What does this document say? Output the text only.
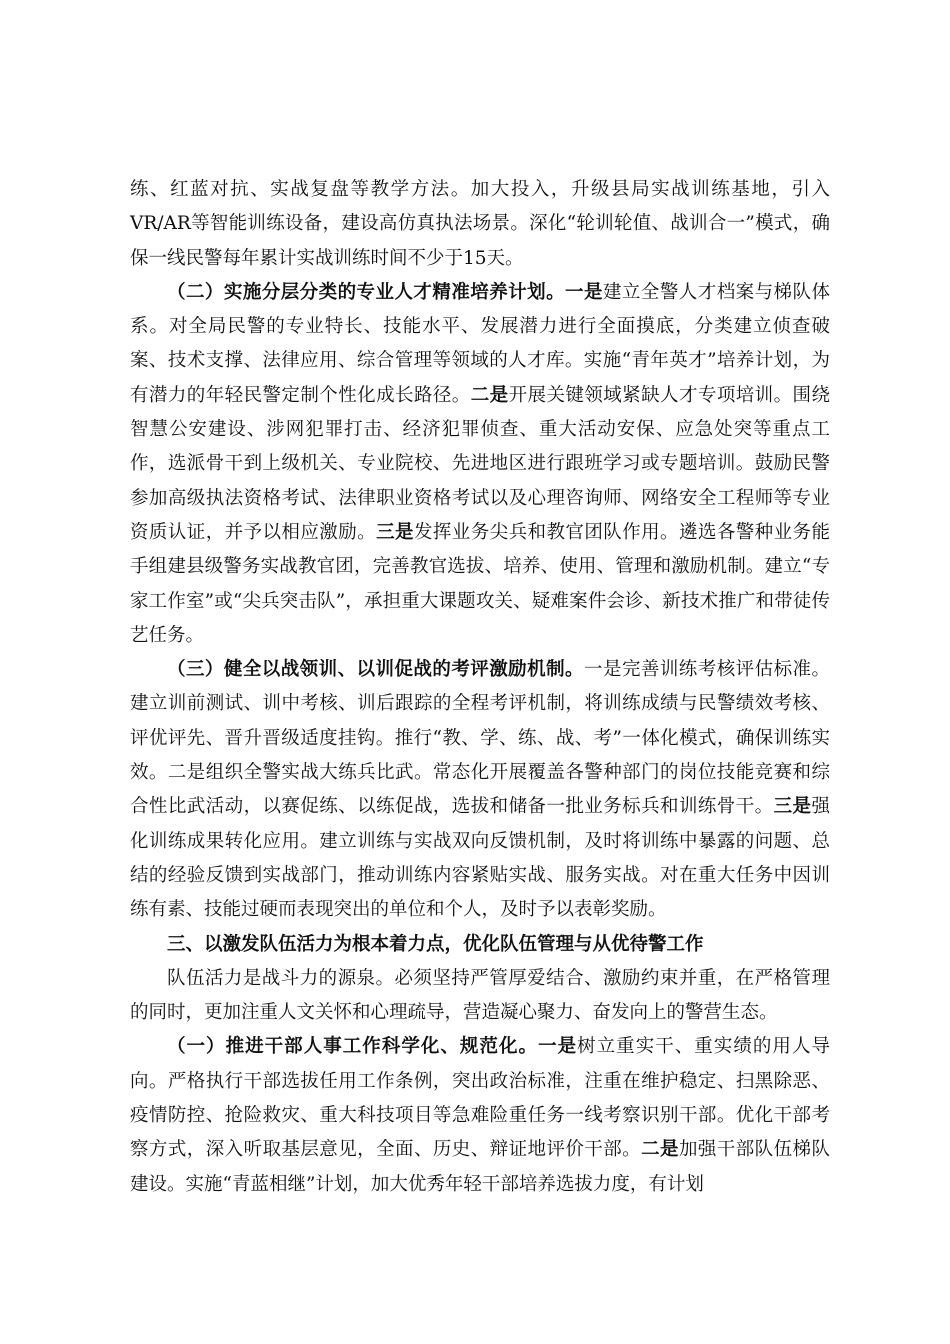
练、红蓝对抗、实战复盘等教学方法。加大投入，升级县局实战训练基地，引入VR/AR等智能训练设备，建设高仿真执法场景。深化“轮训轮值、战训合一”模式，确保一线民警每年累计实战训练时间不少于15天。

（二）实施分层分类的专业人才精准培养计划。一是建立全警人才档案与梯队体系。对全局民警的专业特长、技能水平、发展潜力进行全面摸底，分类建立侦查破案、技术支撑、法律应用、综合管理等领域的人才库。实施“青年英才”培养计划，为有潜力的年轻民警定制个性化成长路径。二是开展关键领域紧缺人才专项培训。围绕智慧公安建设、涉网犯罪打击、经济犯罪侦查、重大活动安保、应急处突等重点工作，选派骨干到上级机关、专业院校、先进地区进行跟班学习或专题培训。鼓励民警参加高级执法资格考试、法律职业资格考试以及心理咨询师、网络安全工程师等专业资质认证，并予以相应激励。三是发挥业务尖兵和教官团队作用。遴选各警种业务能手组建县级警务实战教官团，完善教官选拔、培养、使用、管理和激励机制。建立“专家工作室”或“尖兵突击队”，承担重大课题攻关、疑难案件会诊、新技术推广和带徒传艺任务。

（三）健全以战领训、以训促战的考评激励机制。一是完善训练考核评估标准。建立训前测试、训中考核、训后跟踪的全程考评机制，将训练成绩与民警绩效考核、评优评先、晋升晋级适度挂钩。推行“教、学、练、战、考”一体化模式，确保训练实效。二是组织全警实战大练兵比武。常态化开展覆盖各警种部门的岗位技能竞赛和综合性比武活动，以赛促练、以练促战，选拔和储备一批业务标兵和训练骨干。三是强化训练成果转化应用。建立训练与实战双向反馈机制，及时将训练中暴露的问题、总结的经验反馈到实战部门，推动训练内容紧贴实战、服务实战。对在重大任务中因训练有素、技能过硬而表现突出的单位和个人，及时予以表彰奖励。

三、以激发队伍活力为根本着力点，优化队伍管理与从优待警工作

队伍活力是战斗力的源泉。必须坚持严管厚爱结合、激励约束并重，在严格管理的同时，更加注重人文关怀和心理疏导，营造凝心聚力、奋发向上的警营生态。

（一）推进干部人事工作科学化、规范化。一是树立重实干、重实绩的用人导向。严格执行干部选拔任用工作条例，突出政治标准，注重在维护稳定、扫黑除恶、疫情防控、抢险救灾、重大科技项目等急难险重任务一线考察识别干部。优化干部考察方式，深入听取基层意见，全面、历史、辩证地评价干部。二是加强干部队伍梯队建设。实施“青蓝相继”计划，加大优秀年轻干部培养选拔力度，有计划
